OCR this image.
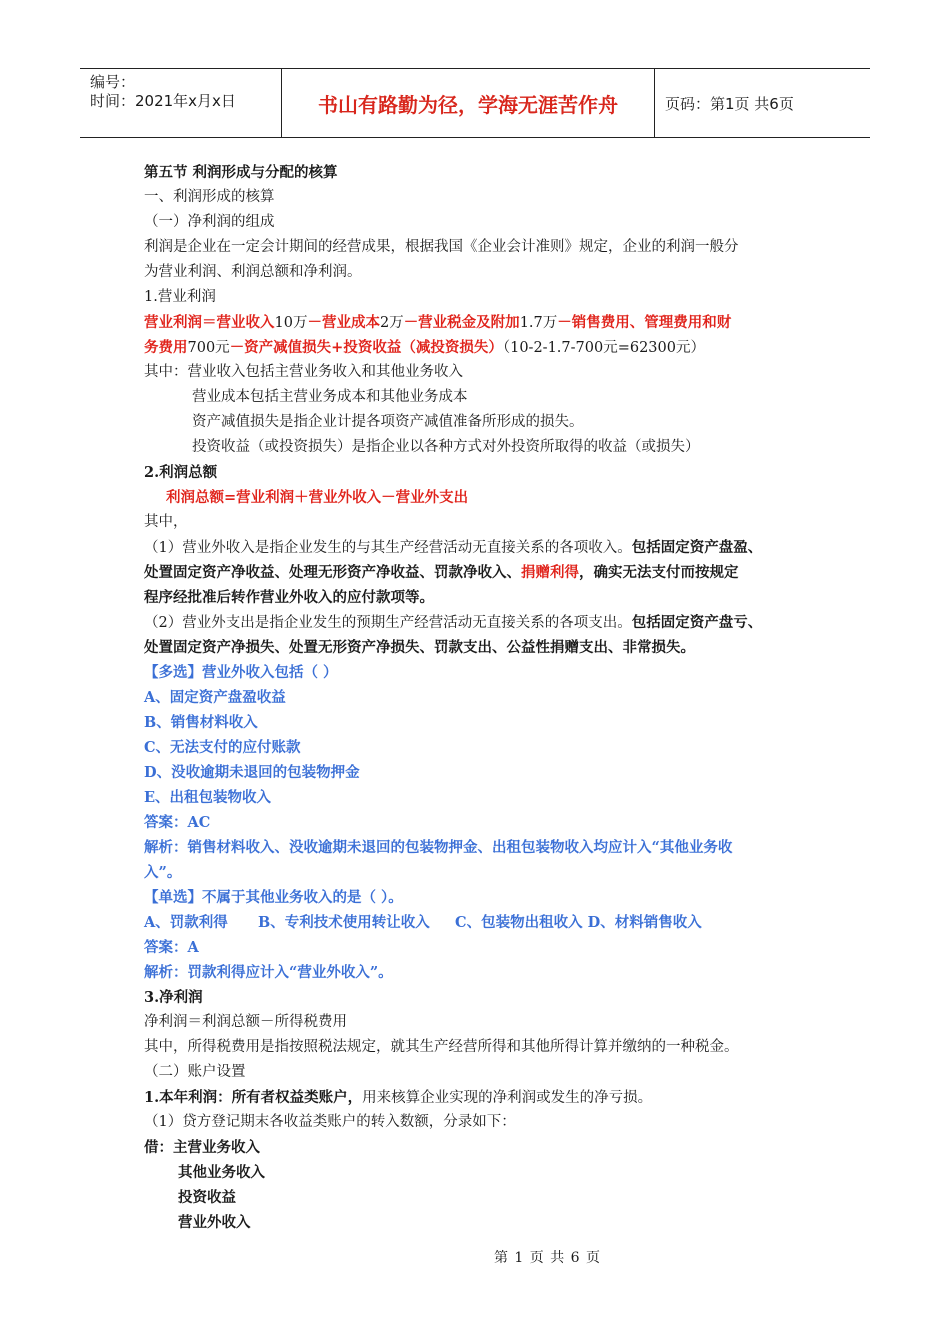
编号：
时间：2021年x月x日	书山有路勤为径，学海无涯苦作舟	页码：第1页 共6页
第五节 利润形成与分配的核算
一、利润形成的核算
（一）净利润的组成
利润是企业在一定会计期间的经营成果，根据我国《企业会计准则》规定，企业的利润一般分
为营业利润、利润总额和净利润。
1.营业利润
营业利润＝营业收入10万－营业成本2万－营业税金及附加1.7万－销售费用、管理费用和财
务费用700元－资产减值损失+投资收益（减投资损失）（10-2-1.7-700元=62300元）
其中：营业收入包括主营业务收入和其他业务收入
营业成本包括主营业务成本和其他业务成本
资产减值损失是指企业计提各项资产减值准备所形成的损失。
投资收益（或投资损失）是指企业以各种方式对外投资所取得的收益（或损失）
2.利润总额
利润总额=营业利润＋营业外收入－营业外支出
其中，
（1）营业外收入是指企业发生的与其生产经营活动无直接关系的各项收入。包括固定资产盘盈、
处置固定资产净收益、处理无形资产净收益、罚款净收入、捐赠利得，确实无法支付而按规定
程序经批准后转作营业外收入的应付款项等。
（2）营业外支出是指企业发生的预期生产经营活动无直接关系的各项支出。包括固定资产盘亏、
处置固定资产净损失、处置无形资产净损失、罚款支出、公益性捐赠支出、非常损失。
【多选】营业外收入包括（ ）
A、固定资产盘盈收益
B、销售材料收入
C、无法支付的应付账款
D、没收逾期未退回的包装物押金
E、出租包装物收入
答案：AC
解析：销售材料收入、没收逾期未退回的包装物押金、出租包装物收入均应计入“其他业务收
入”。
【单选】不属于其他业务收入的是（ ）。
A、罚款利得      B、专利技术使用转让收入     C、包装物出租收入 D、材料销售收入
答案：A
解析：罚款利得应计入“营业外收入”。
3.净利润
净利润＝利润总额－所得税费用
其中，所得税费用是指按照税法规定，就其生产经营所得和其他所得计算并缴纳的一种税金。
（二）账户设置
1.本年利润：所有者权益类账户，用来核算企业实现的净利润或发生的净亏损。
（1）贷方登记期末各收益类账户的转入数额，分录如下：
借：主营业务收入
其他业务收入
投资收益
营业外收入
第 1 页 共 6 页
